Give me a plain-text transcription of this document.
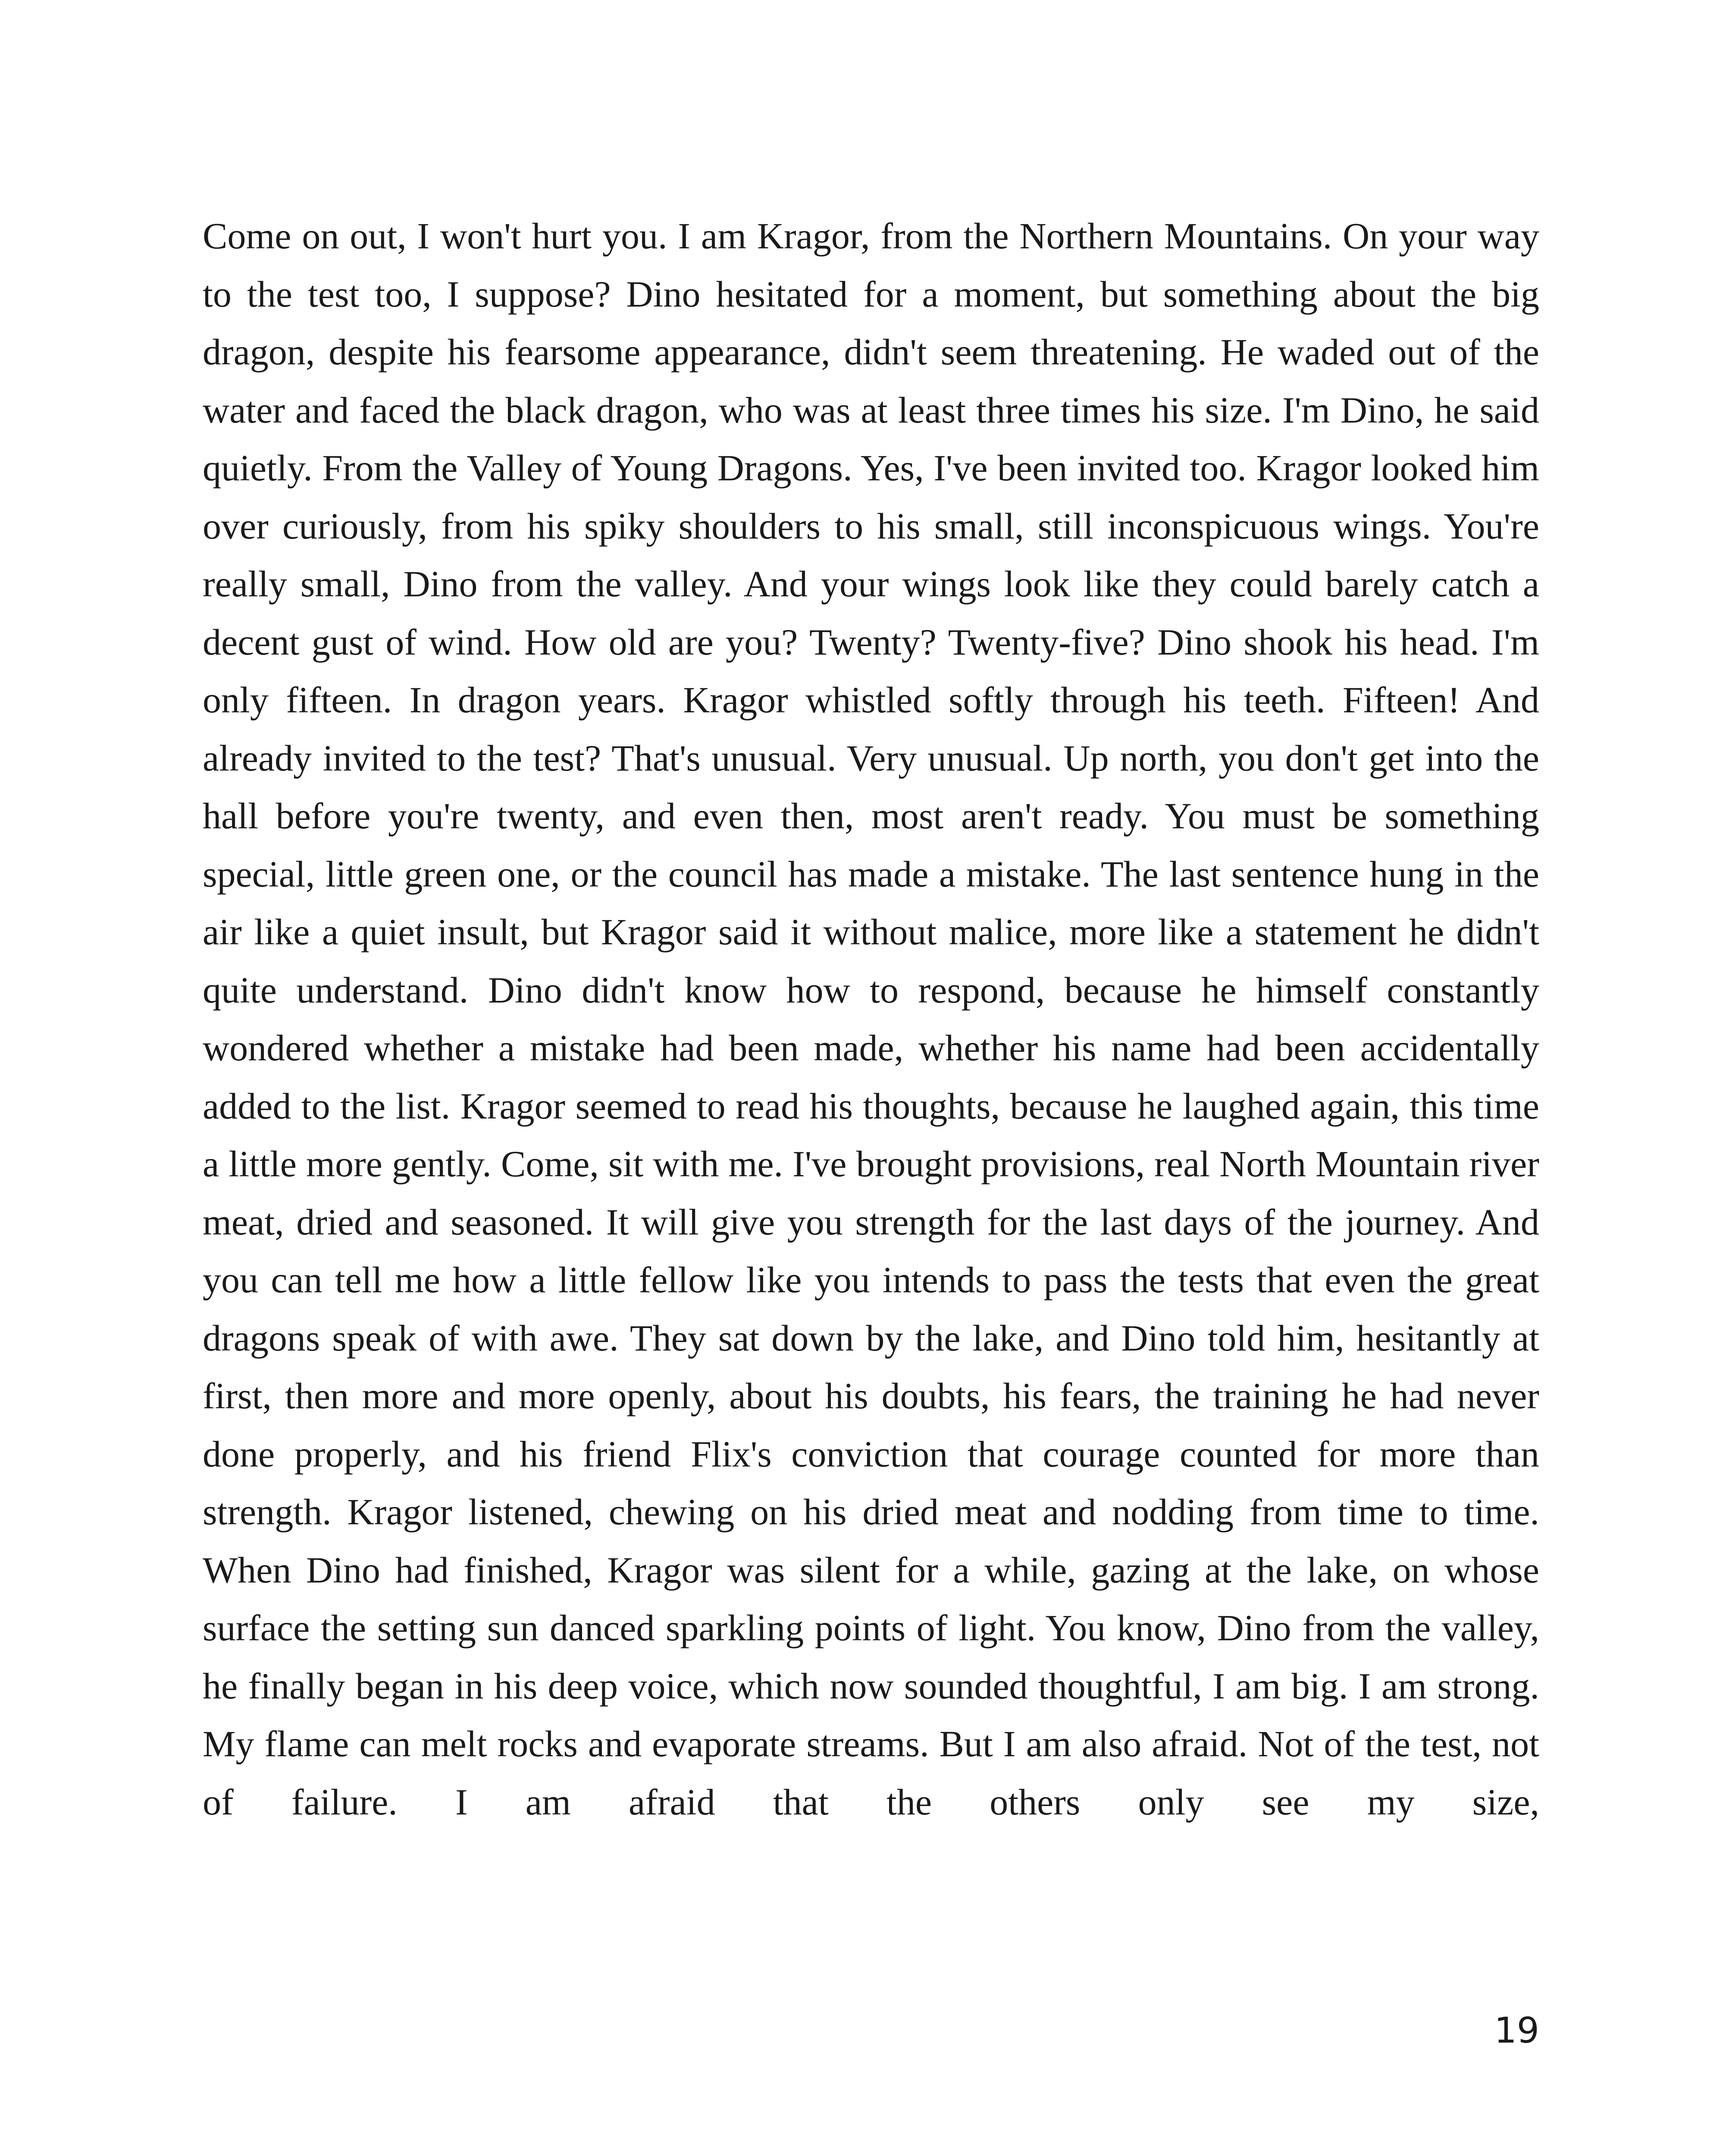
Come on out, I won't hurt you. I am Kragor, from the Northern Mountains. On your way to the test too, I suppose? Dino hesitated for a moment, but something about the big dragon, despite his fearsome appearance, didn't seem threatening. He waded out of the water and faced the black dragon, who was at least three times his size. I'm Dino, he said quietly. From the Valley of Young Dragons. Yes, I've been invited too. Kragor looked him over curiously, from his spiky shoulders to his small, still inconspicuous wings. You're really small, Dino from the valley. And your wings look like they could barely catch a decent gust of wind. How old are you? Twenty? Twenty-five? Dino shook his head. I'm only fifteen. In dragon years. Kragor whistled softly through his teeth. Fifteen! And already invited to the test? That's unusual. Very unusual. Up north, you don't get into the hall before you're twenty, and even then, most aren't ready. You must be something special, little green one, or the council has made a mistake. The last sentence hung in the air like a quiet insult, but Kragor said it without malice, more like a statement he didn't quite understand. Dino didn't know how to respond, because he himself constantly wondered whether a mistake had been made, whether his name had been accidentally added to the list. Kragor seemed to read his thoughts, because he laughed again, this time a little more gently. Come, sit with me. I've brought provisions, real North Mountain river meat, dried and seasoned. It will give you strength for the last days of the journey. And you can tell me how a little fellow like you intends to pass the tests that even the great dragons speak of with awe. They sat down by the lake, and Dino told him, hesitantly at first, then more and more openly, about his doubts, his fears, the training he had never done properly, and his friend Flix's conviction that courage counted for more than strength. Kragor listened, chewing on his dried meat and nodding from time to time. When Dino had finished, Kragor was silent for a while, gazing at the lake, on whose surface the setting sun danced sparkling points of light. You know, Dino from the valley, he finally began in his deep voice, which now sounded thoughtful, I am big. I am strong. My flame can melt rocks and evaporate streams. But I am also afraid. Not of the test, not of failure. I am afraid that the others only see my size,

19
